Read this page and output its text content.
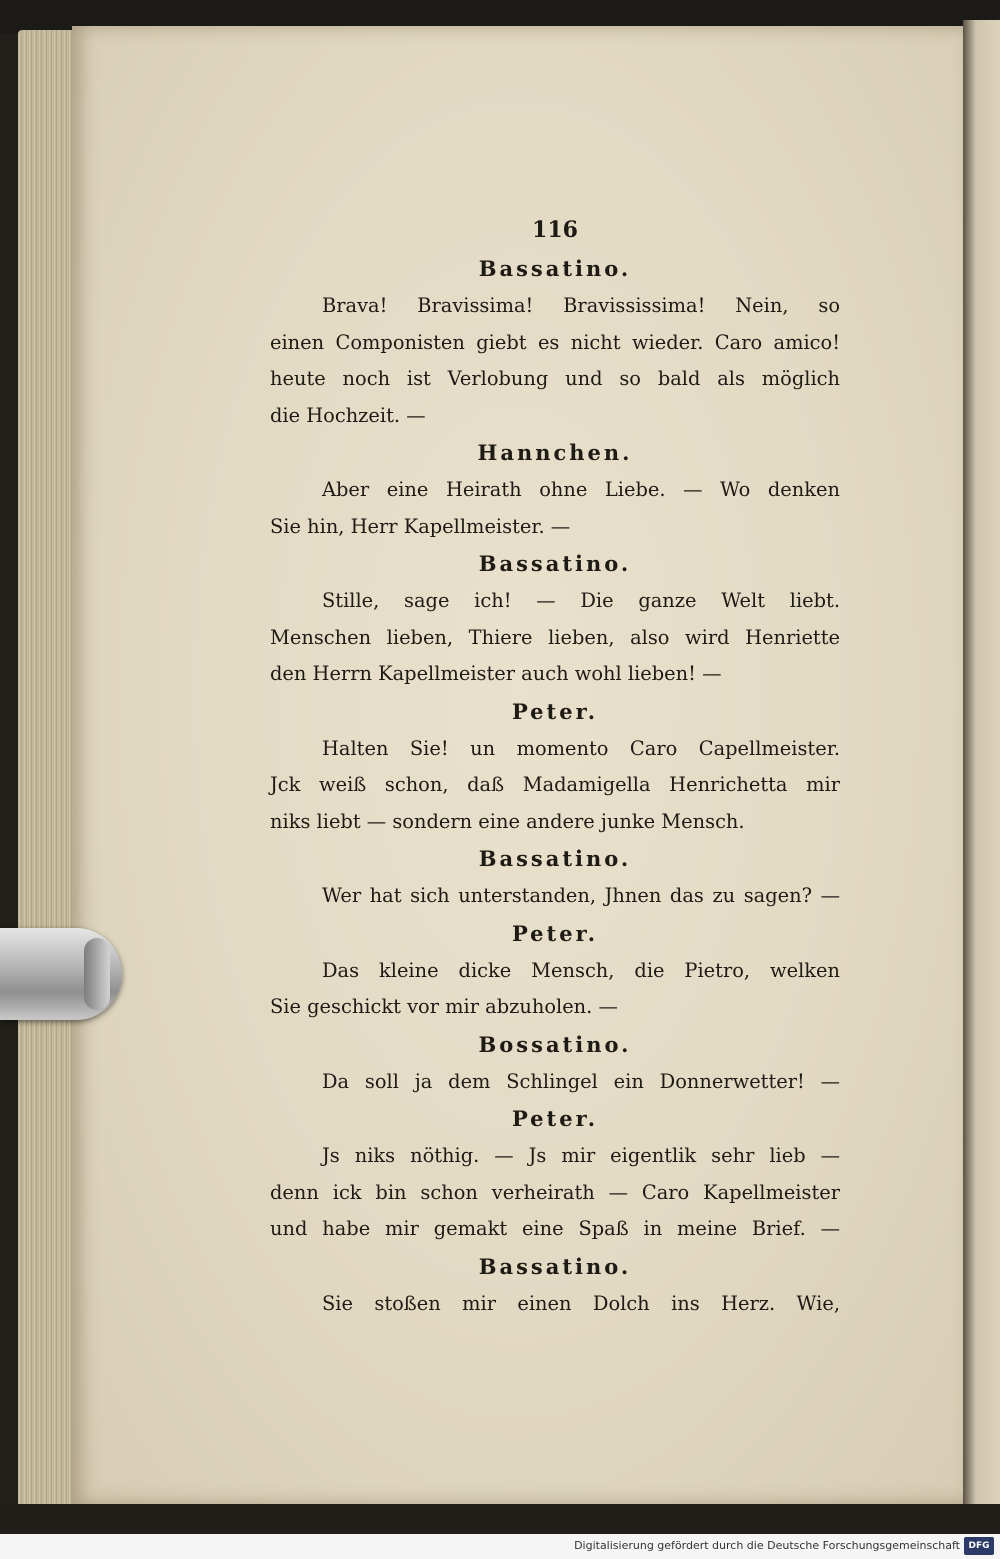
116
Bassatino.
Brava! Bravissima! Bravississima! Nein, so
einen Componisten giebt es nicht wieder. Caro amico!
heute noch ist Verlobung und so bald als möglich
die Hochzeit. —
Hannchen.
Aber eine Heirath ohne Liebe. — Wo denken
Sie hin, Herr Kapellmeister. —
Bassatino.
Stille, sage ich! — Die ganze Welt liebt.
Menschen lieben, Thiere lieben, also wird Henriette
den Herrn Kapellmeister auch wohl lieben! —
Peter.
Halten Sie! un momento Caro Capellmeister.
Jck weiß schon, daß Madamigella Henrichetta mir
niks liebt — sondern eine andere junke Mensch.
Bassatino.
Wer hat sich unterstanden, Jhnen das zu sagen? —
Peter.
Das kleine dicke Mensch, die Pietro, welken
Sie geschickt vor mir abzuholen. —
Bossatino.
Da soll ja dem Schlingel ein Donnerwetter! —
Peter.
Js niks nöthig. — Js mir eigentlik sehr lieb —
denn ick bin schon verheirath — Caro Kapellmeister
und habe mir gemakt eine Spaß in meine Brief. —
Bassatino.
Sie stoßen mir einen Dolch ins Herz. Wie,
Digitalisierung gefördert durch die Deutsche Forschungsgemeinschaft DFG
